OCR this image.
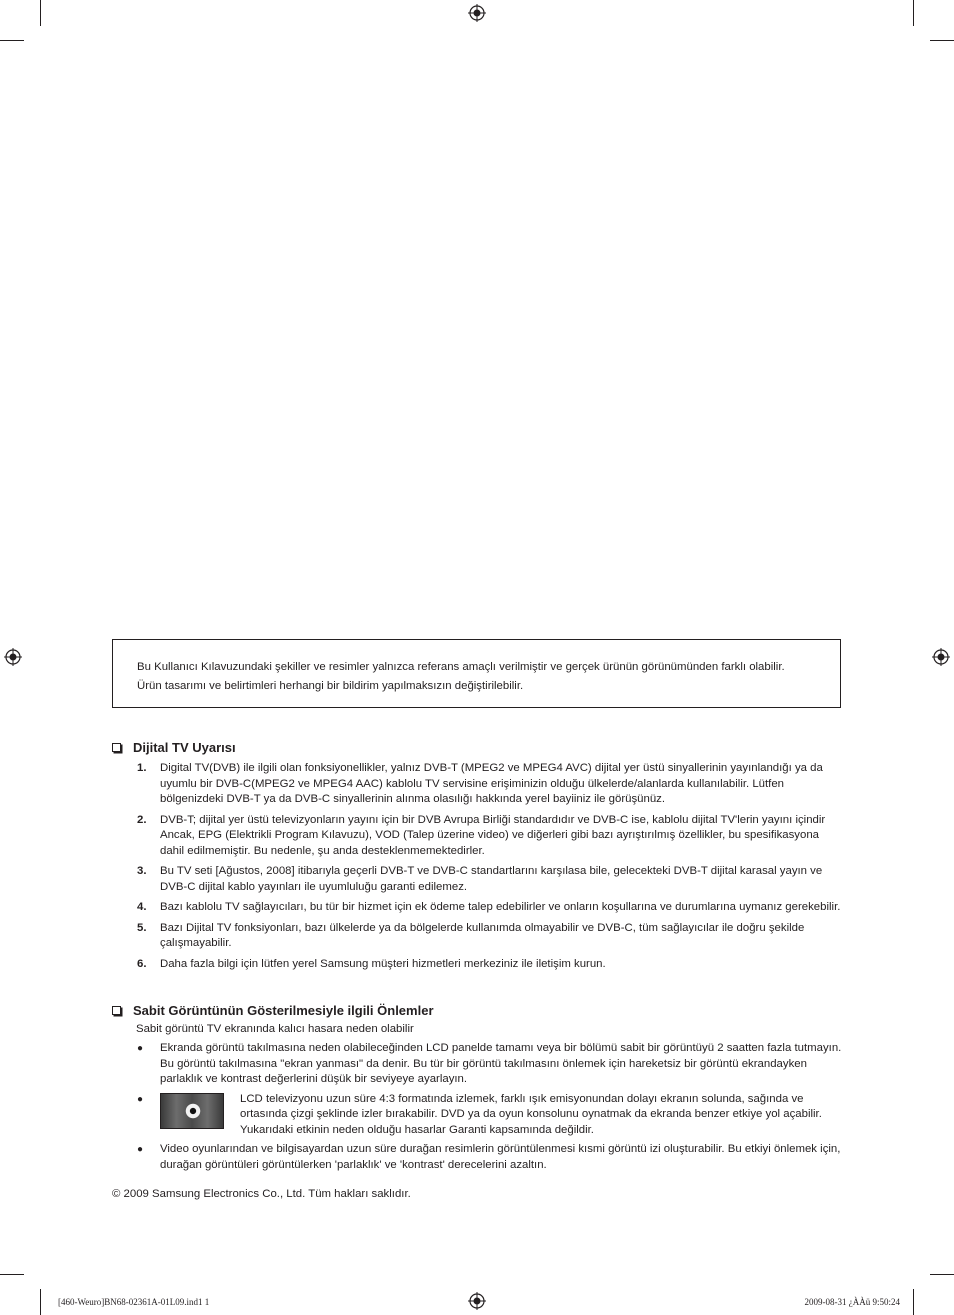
Bu Kullanıcı Kılavuzundaki şekiller ve resimler yalnızca referans amaçlı verilmiştir ve gerçek ürünün görünümünden farklı olabilir.

Ürün tasarımı ve belirtimleri herhangi bir bildirim yapılmaksızın değiştirilebilir.

Dijital TV Uyarısı
1.	Digital TV(DVB) ile ilgili olan fonksiyonellikler, yalnız DVB-T (MPEG2 ve MPEG4 AVC) dijital yer üstü sinyallerinin yayınlandığı ya da uyumlu bir DVB-C(MPEG2 ve MPEG4 AAC) kablolu TV servisine erişiminizin olduğu ülkelerde/alanlarda kullanılabilir. Lütfen bölgenizdeki DVB-T ya da DVB-C sinyallerinin alınma olasılığı hakkında yerel bayiiniz ile görüşünüz.
2.	DVB-T; dijital yer üstü televizyonların yayını için bir DVB Avrupa Birliği standardıdır ve DVB-C ise, kablolu dijital TV'lerin yayını içindir Ancak, EPG (Elektrikli Program Kılavuzu), VOD (Talep üzerine video) ve diğerleri gibi bazı ayrıştırılmış özellikler, bu spesifikasyona dahil edilmemiştir. Bu nedenle, şu anda desteklenmemektedirler.
3.	Bu TV seti [Ağustos, 2008] itibarıyla geçerli DVB-T ve DVB-C standartlarını karşılasa bile, gelecekteki DVB-T dijital karasal yayın ve DVB-C dijital kablo yayınları ile uyumluluğu garanti edilemez.
4.	Bazı kablolu TV sağlayıcıları, bu tür bir hizmet için ek ödeme talep edebilirler ve onların koşullarına ve durumlarına uymanız gerekebilir.
5.	Bazı Dijital TV fonksiyonları, bazı ülkelerde ya da bölgelerde kullanımda olmayabilir ve DVB-C, tüm sağlayıcılar ile doğru şekilde çalışmayabilir.
6.	Daha fazla bilgi için lütfen yerel Samsung müşteri hizmetleri merkeziniz ile iletişim kurun.
Sabit Görüntünün Gösterilmesiyle ilgili Önlemler
Sabit görüntü TV ekranında kalıcı hasara neden olabilir
●	Ekranda görüntü takılmasına neden olabileceğinden LCD panelde tamamı veya bir bölümü sabit bir görüntüyü 2 saatten fazla tutmayın. Bu görüntü takılmasına "ekran yanması" da denir. Bu tür bir görüntü takılmasını önlemek için hareketsiz bir görüntü ekrandayken parlaklık ve kontrast değerlerini düşük bir seviyeye ayarlayın.
●	LCD televizyonu uzun süre 4:3 formatında izlemek, farklı ışık emisyonundan dolayı ekranın solunda, sağında ve ortasında çizgi şeklinde izler bırakabilir. DVD ya da oyun konsolunu oynatmak da ekranda benzer etkiye yol açabilir. Yukarıdaki etkinin neden olduğu hasarlar Garanti kapsamında değildir.
●	Video oyunlarından ve bilgisayardan uzun süre durağan resimlerin görüntülenmesi kısmi görüntü izi oluşturabilir. Bu etkiyi önlemek için, durağan görüntüleri görüntülerken 'parlaklık' ve 'kontrast' derecelerini azaltın.
© 2009 Samsung Electronics Co., Ltd. Tüm hakları saklıdır.
[460-Weuro]BN68-02361A-01L09.ind1 1	2009-08-31 ¿ÀÀü 9:50:24
